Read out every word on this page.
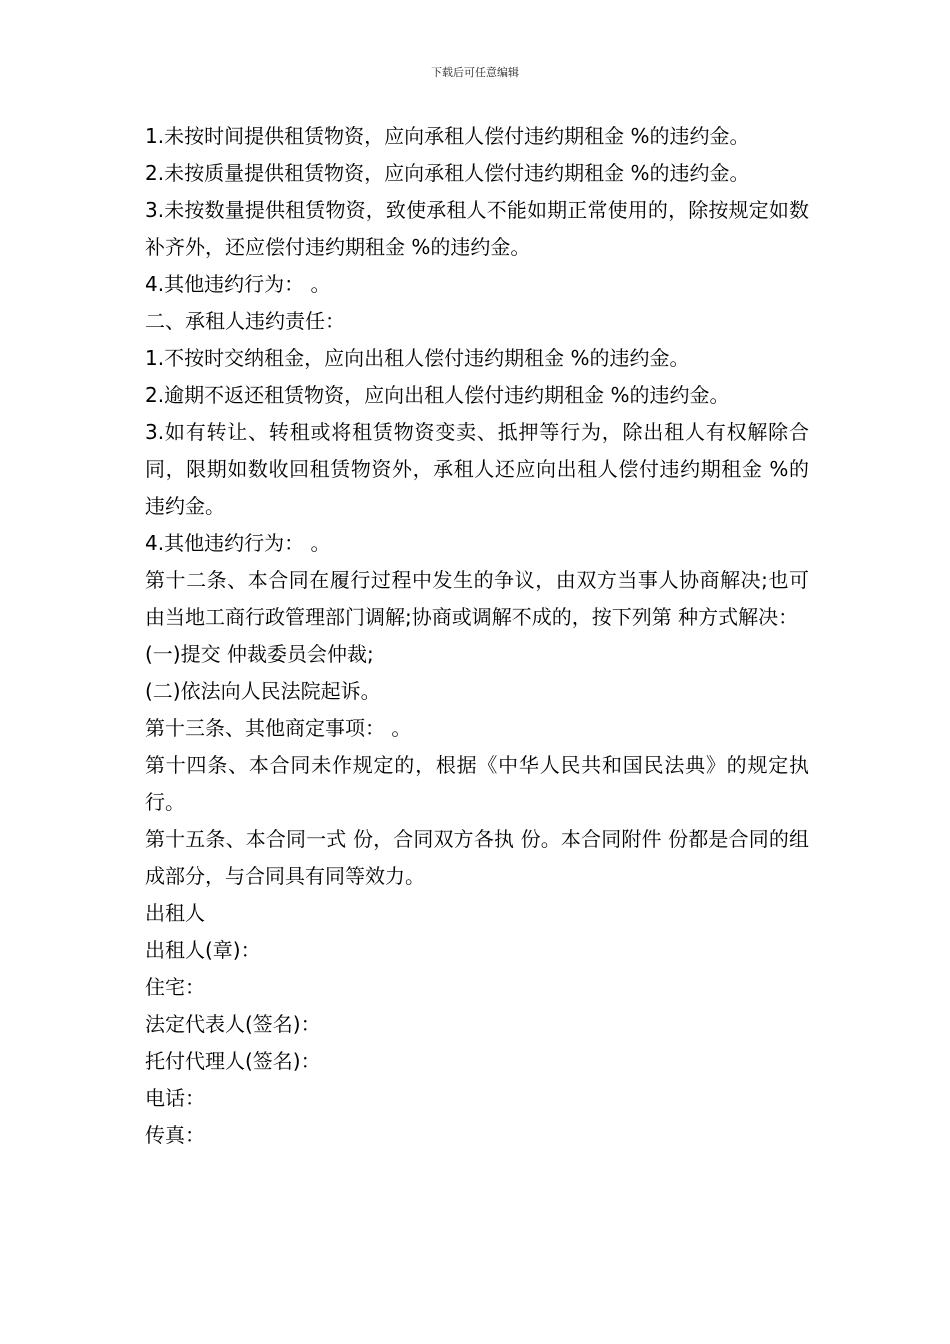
下载后可任意编辑

1.未按时间提供租赁物资，应向承租人偿付违约期租金 %的违约金。

2.未按质量提供租赁物资，应向承租人偿付违约期租金 %的违约金。

3.未按数量提供租赁物资，致使承租人不能如期正常使用的，除按规定如数补齐外，还应偿付违约期租金 %的违约金。

4.其他违约行为： 。

二、承租人违约责任：

1.不按时交纳租金，应向出租人偿付违约期租金 %的违约金。

2.逾期不返还租赁物资，应向出租人偿付违约期租金 %的违约金。

3.如有转让、转租或将租赁物资变卖、抵押等行为，除出租人有权解除合同，限期如数收回租赁物资外，承租人还应向出租人偿付违约期租金 %的违约金。

4.其他违约行为： 。

第十二条、本合同在履行过程中发生的争议，由双方当事人协商解决;也可由当地工商行政管理部门调解;协商或调解不成的，按下列第 种方式解决：

(一)提交 仲裁委员会仲裁;

(二)依法向人民法院起诉。

第十三条、其他商定事项： 。

第十四条、本合同未作规定的，根据《中华人民共和国民法典》的规定执行。

第十五条、本合同一式 份，合同双方各执 份。本合同附件 份都是合同的组成部分，与合同具有同等效力。

出租人

出租人(章)：

住宅：

法定代表人(签名)：

托付代理人(签名)：

电话：

传真：
